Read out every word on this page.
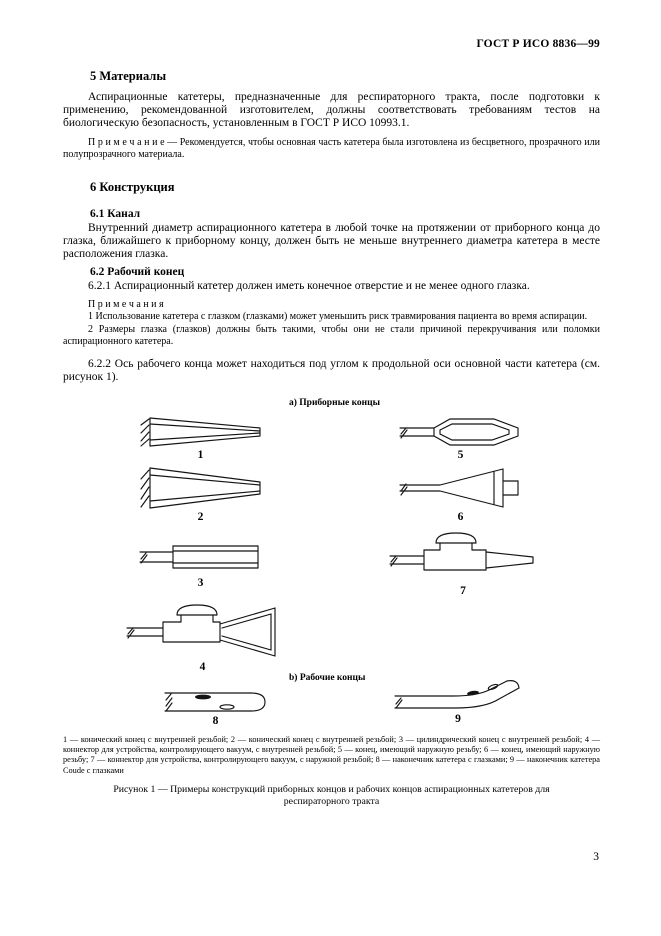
ГОСТ Р ИСО 8836—99
5 Материалы

Аспирационные катетеры, предназначенные для респираторного тракта, после подготовки к применению, рекомендованной изготовителем, должны соответствовать требованиям тестов на биологическую безопасность, установленным в ГОСТ Р ИСО 10993.1.

П р и м е ч а н и е — Рекомендуется, чтобы основная часть катетера была изготовлена из бесцветного, прозрачного или полупрозрачного материала.

6 Конструкция
6.1 Канал

Внутренний диаметр аспирационного катетера в любой точке на протяжении от приборного конца до глазка, ближайшего к приборному концу, должен быть не меньше внутреннего диаметра катетера в месте расположения глазка.

6.2 Рабочий конец

6.2.1 Аспирационный катетер должен иметь конечное отверстие и не менее одного глазка.

П р и м е ч а н и я

1 Использование катетера с глазком (глазками) может уменьшить риск травмирования пациента во время аспирации.

2 Размеры глазка (глазков) должны быть такими, чтобы они не стали причиной перекручивания или поломки аспирационного катетера.

6.2.2 Ось рабочего конца может находиться под углом к продольной оси основной части катетера (см. рисунок 1).

а) Приборные концы
1	5
2	6
3
7
4
b) Рабочие концы
8	9
1 — конический конец с внутренней резьбой; 2 — конический конец с внутренней резьбой; 3 — цилиндрический конец с внутренней резьбой; 4 — коннектор для устройства, контролирующего вакуум, с внутренней резьбой; 5 — конец, имеющий наружную резьбу; 6 — конец, имеющий наружную резьбу; 7 — коннектор для устройства, контролирующего вакуум, с наружной резьбой; 8 — наконечник катетера с глазками; 9 — наконечник катетера Coude с глазками
Рисунок 1 — Примеры конструкций приборных концов и рабочих концов аспирационных катетеров для респираторного тракта
3
